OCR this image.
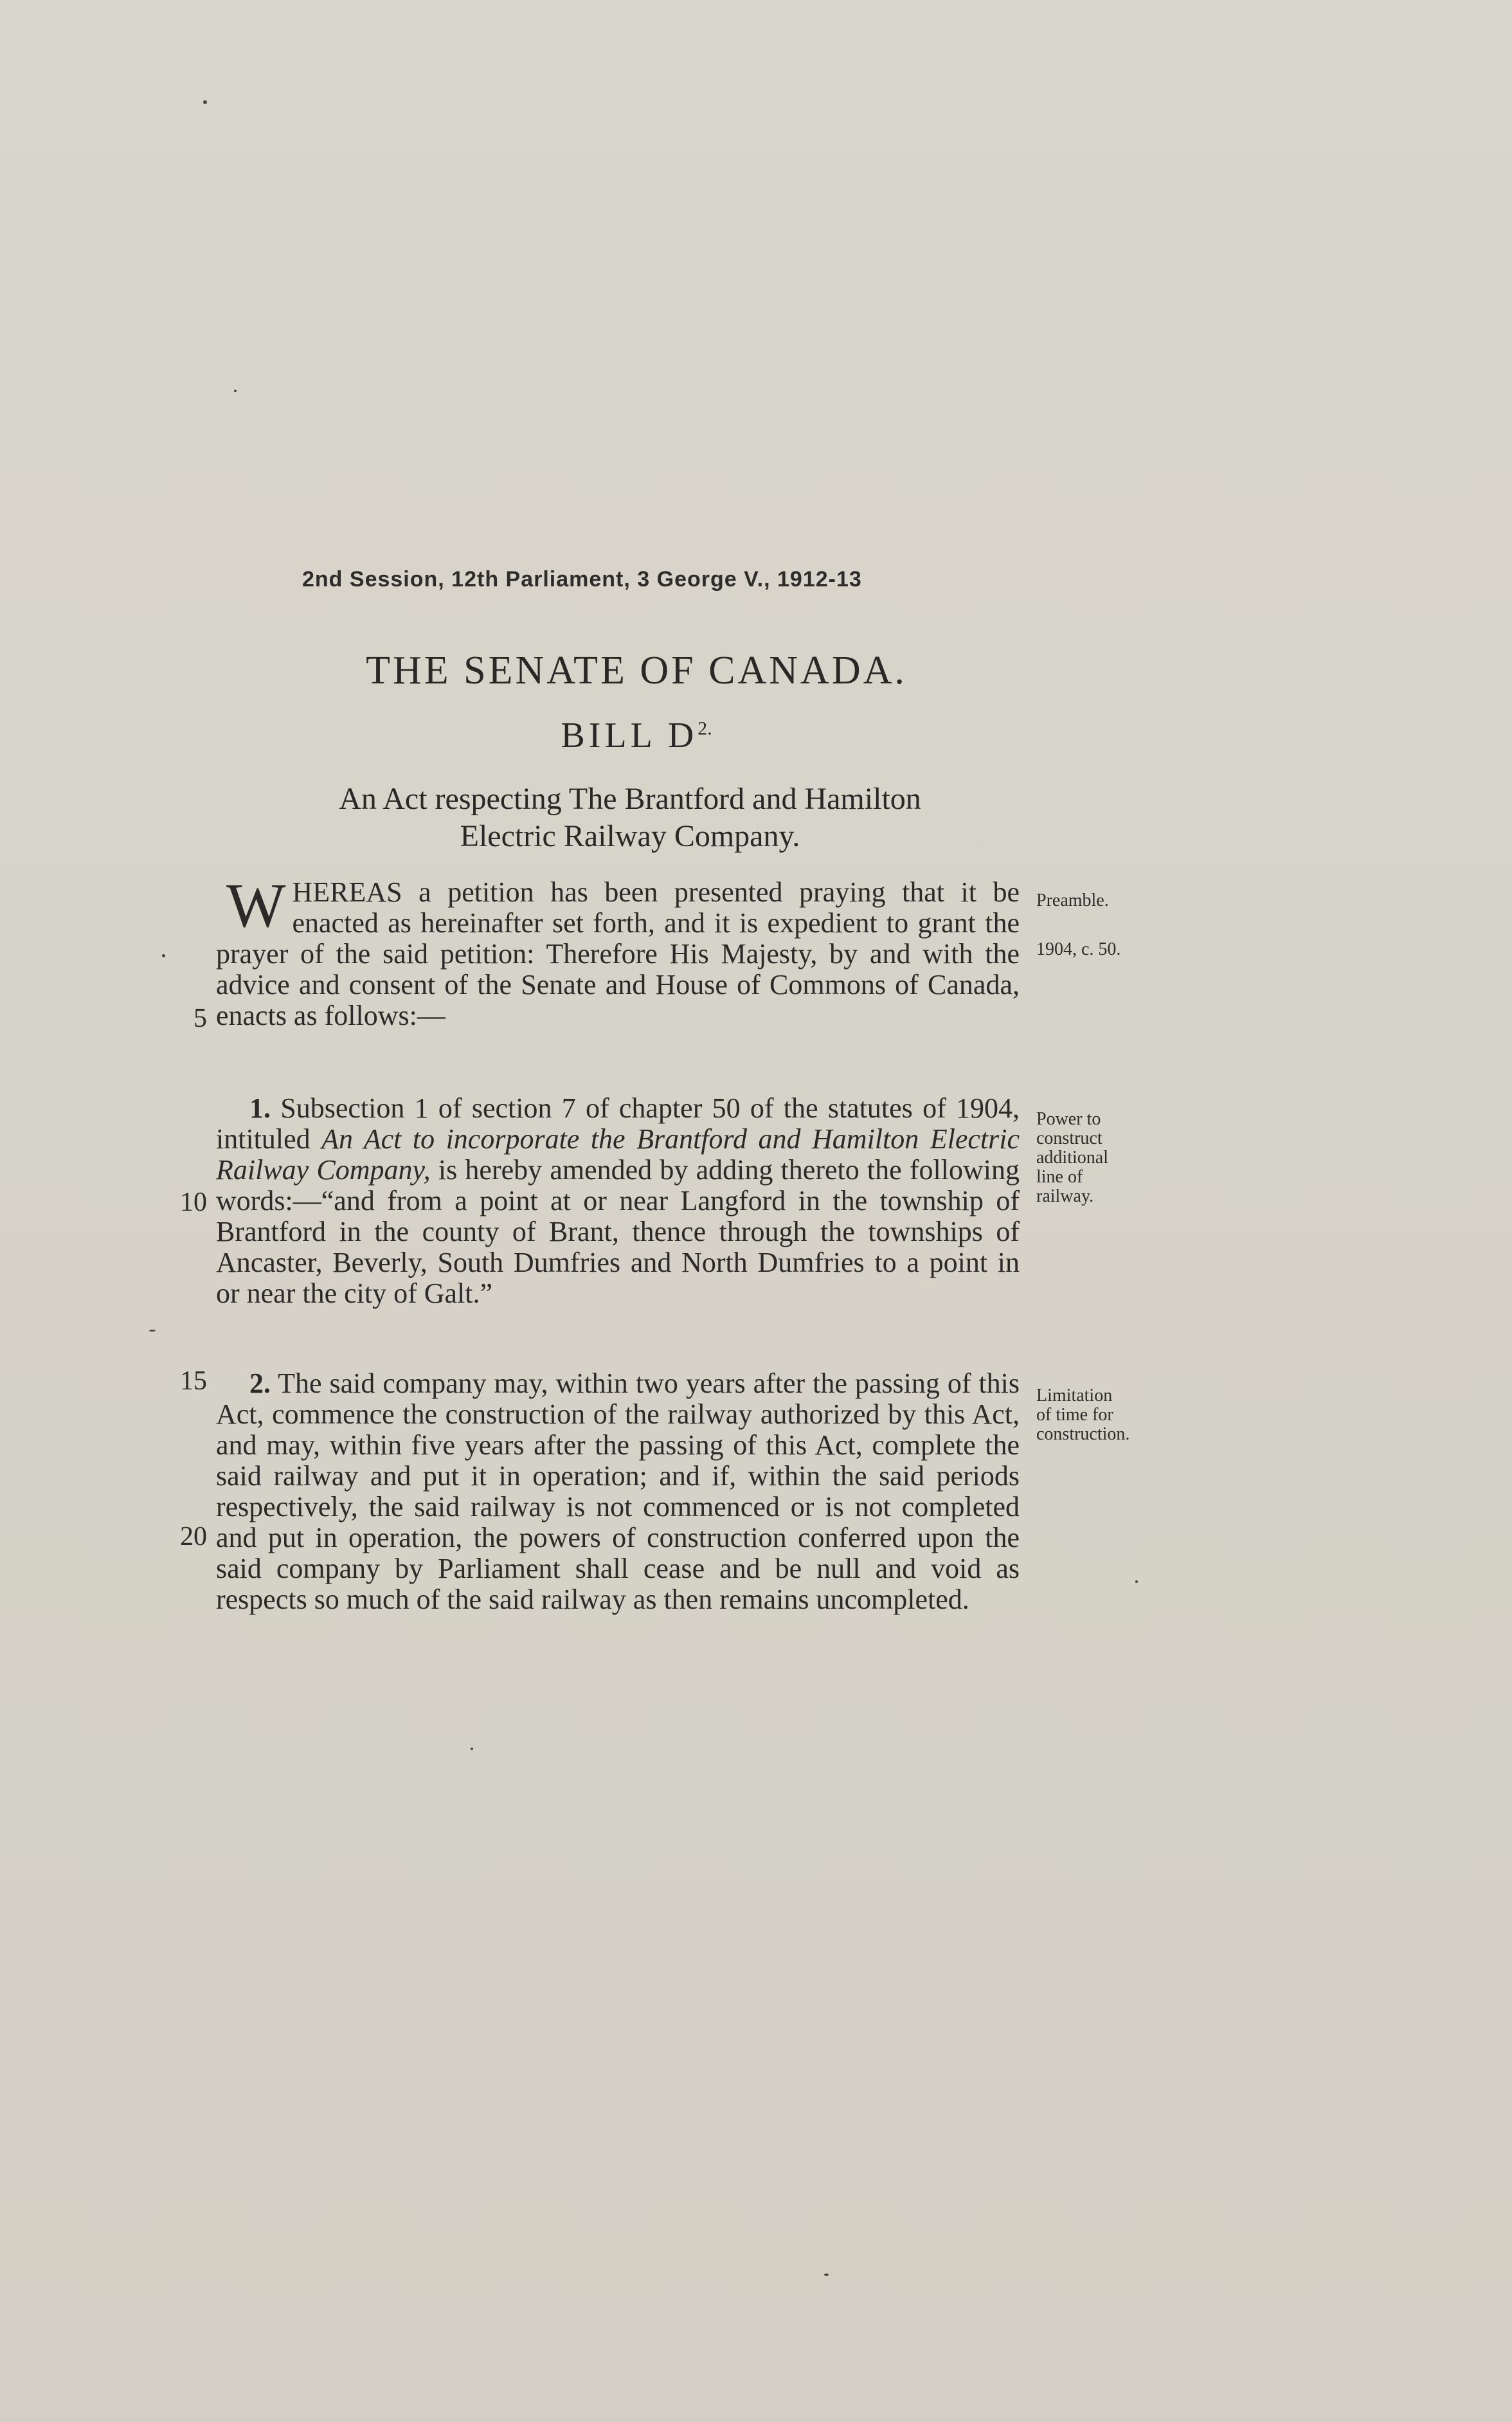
2nd Session, 12th Parliament, 3 George V., 1912-13
THE SENATE OF CANADA.
BILL $D^{2.}$
An Act respecting The Brantford and Hamilton
Electric Railway Company.

WHEREAS a petition has been presented praying that it be enacted as hereinafter set forth, and it is expedient to grant the prayer of the said petition: Therefore His Majesty, by and with the advice and consent of the Senate and House of Commons of Canada, enacts as follows:—

1. Subsection 1 of section 7 of chapter 50 of the statutes of 1904, intituled An Act to incorporate the Brantford and Hamilton Electric Railway Company, is hereby amended by adding thereto the following words:—“and from a point at or near Langford in the township of Brantford in the county of Brant, thence through the townships of Ancaster, Beverly, South Dumfries and North Dumfries to a point in or near the city of Galt.”

2. The said company may, within two years after the passing of this Act, commence the construction of the railway authorized by this Act, and may, within five years after the passing of this Act, complete the said railway and put it in operation; and if, within the said periods respectively, the said railway is not commenced or is not completed and put in operation, the powers of construction conferred upon the said company by Parliament shall cease and be null and void as respects so much of the said railway as then remains uncompleted.

5
10
15
20
Preamble.
1904, c. 50.
Power to
construct
additional
line of
railway.
Limitation
of time for
construction.
